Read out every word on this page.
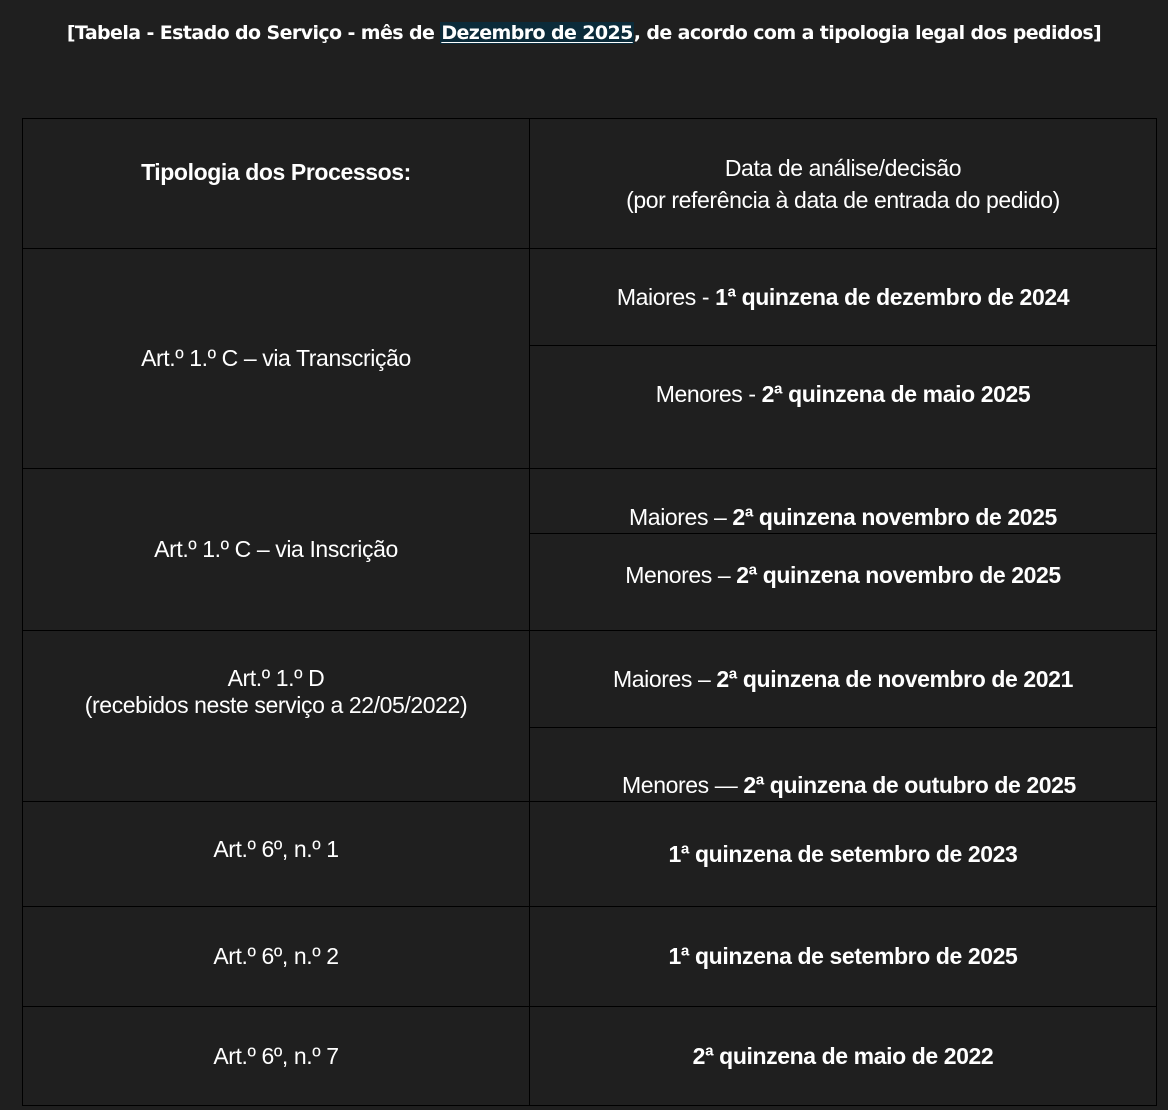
[Tabela - Estado do Serviço - mês de Dezembro de 2025, de acordo com a tipologia legal dos pedidos]
Tipologia dos Processos:	Data de análise/decisão
(por referência à data de entrada do pedido)

Art.º 1.º C – via Transcrição	Maiores - 1ª quinzena de dezembro de 2024
	Menores - 2ª quinzena de maio 2025
Art.º 1.º C – via Inscrição	Maiores – 2ª quinzena novembro de 2025
	Menores – 2ª quinzena novembro de 2025

Art.º 1.º D
(recebidos neste serviço a 22/05/2022)	Maiores – 2ª quinzena de novembro de 2021
	Menores — 2ª quinzena de outubro de 2025
Art.º 6º, n.º 1	1ª quinzena de setembro de 2023
Art.º 6º, n.º 2	1ª quinzena de setembro de 2025
Art.º 6º, n.º 7	2ª quinzena de maio de 2022
